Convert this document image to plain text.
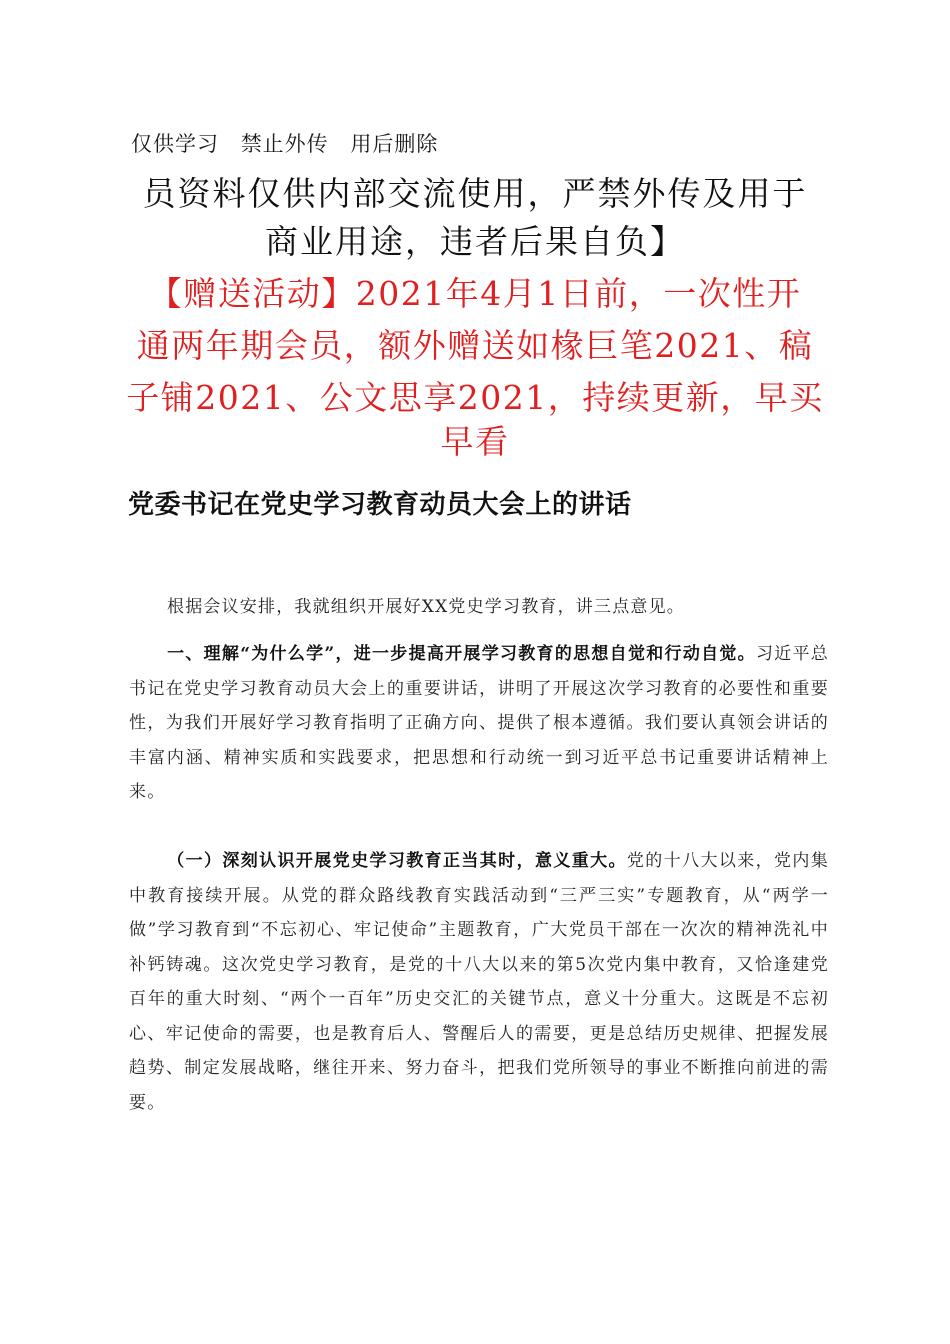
仅供学习 禁止外传 用后删除
员资料仅供内部交流使用，严禁外传及用于
商业用途，违者后果自负】
【赠送活动】2021年4月1日前，一次性开
通两年期会员，额外赠送如椽巨笔2021、稿
子铺2021、公文思享2021，持续更新，早买
早看
党委书记在党史学习教育动员大会上的讲话

根据会议安排，我就组织开展好XX党史学习教育，讲三点意见。

一、理解“为什么学”，进一步提高开展学习教育的思想自觉和行动自觉。习近平总书记在党史学习教育动员大会上的重要讲话，讲明了开展这次学习教育的必要性和重要性，为我们开展好学习教育指明了正确方向、提供了根本遵循。我们要认真领会讲话的丰富内涵、精神实质和实践要求，把思想和行动统一到习近平总书记重要讲话精神上来。

（一）深刻认识开展党史学习教育正当其时，意义重大。党的十八大以来，党内集中教育接续开展。从党的群众路线教育实践活动到“三严三实”专题教育，从“两学一做”学习教育到“不忘初心、牢记使命”主题教育，广大党员干部在一次次的精神洗礼中补钙铸魂。这次党史学习教育，是党的十八大以来的第5次党内集中教育，又恰逢建党百年的重大时刻、“两个一百年”历史交汇的关键节点，意义十分重大。这既是不忘初心、牢记使命的需要，也是教育后人、警醒后人的需要，更是总结历史规律、把握发展趋势、制定发展战略，继往开来、努力奋斗，把我们党所领导的事业不断推向前进的需要。
